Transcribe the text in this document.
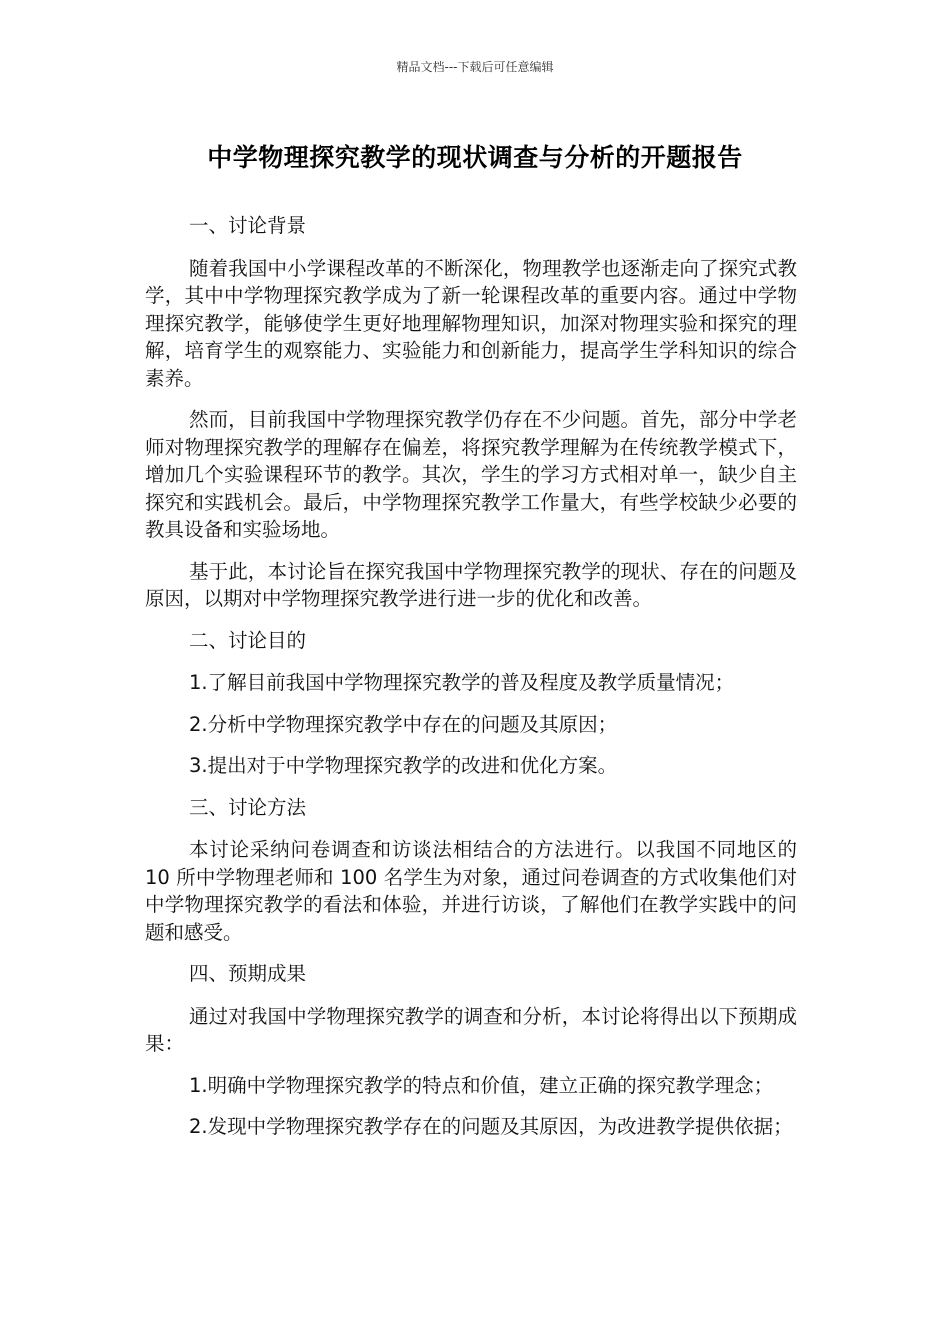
精品文档---下载后可任意编辑
中学物理探究教学的现状调查与分析的开题报告

一、讨论背景

随着我国中小学课程改革的不断深化，物理教学也逐渐走向了探究式教学，其中中学物理探究教学成为了新一轮课程改革的重要内容。通过中学物理探究教学，能够使学生更好地理解物理知识，加深对物理实验和探究的理解，培育学生的观察能力、实验能力和创新能力，提高学生学科知识的综合素养。

然而，目前我国中学物理探究教学仍存在不少问题。首先，部分中学老师对物理探究教学的理解存在偏差，将探究教学理解为在传统教学模式下，增加几个实验课程环节的教学。其次，学生的学习方式相对单一，缺少自主探究和实践机会。最后，中学物理探究教学工作量大，有些学校缺少必要的教具设备和实验场地。

基于此，本讨论旨在探究我国中学物理探究教学的现状、存在的问题及原因，以期对中学物理探究教学进行进一步的优化和改善。

二、讨论目的

1.了解目前我国中学物理探究教学的普及程度及教学质量情况；

2.分析中学物理探究教学中存在的问题及其原因；

3.提出对于中学物理探究教学的改进和优化方案。

三、讨论方法

本讨论采纳问卷调查和访谈法相结合的方法进行。以我国不同地区的 10 所中学物理老师和 100 名学生为对象，通过问卷调查的方式收集他们对中学物理探究教学的看法和体验，并进行访谈，了解他们在教学实践中的问题和感受。

四、预期成果

通过对我国中学物理探究教学的调查和分析，本讨论将得出以下预期成果：

1.明确中学物理探究教学的特点和价值，建立正确的探究教学理念；

2.发现中学物理探究教学存在的问题及其原因，为改进教学提供依据；
